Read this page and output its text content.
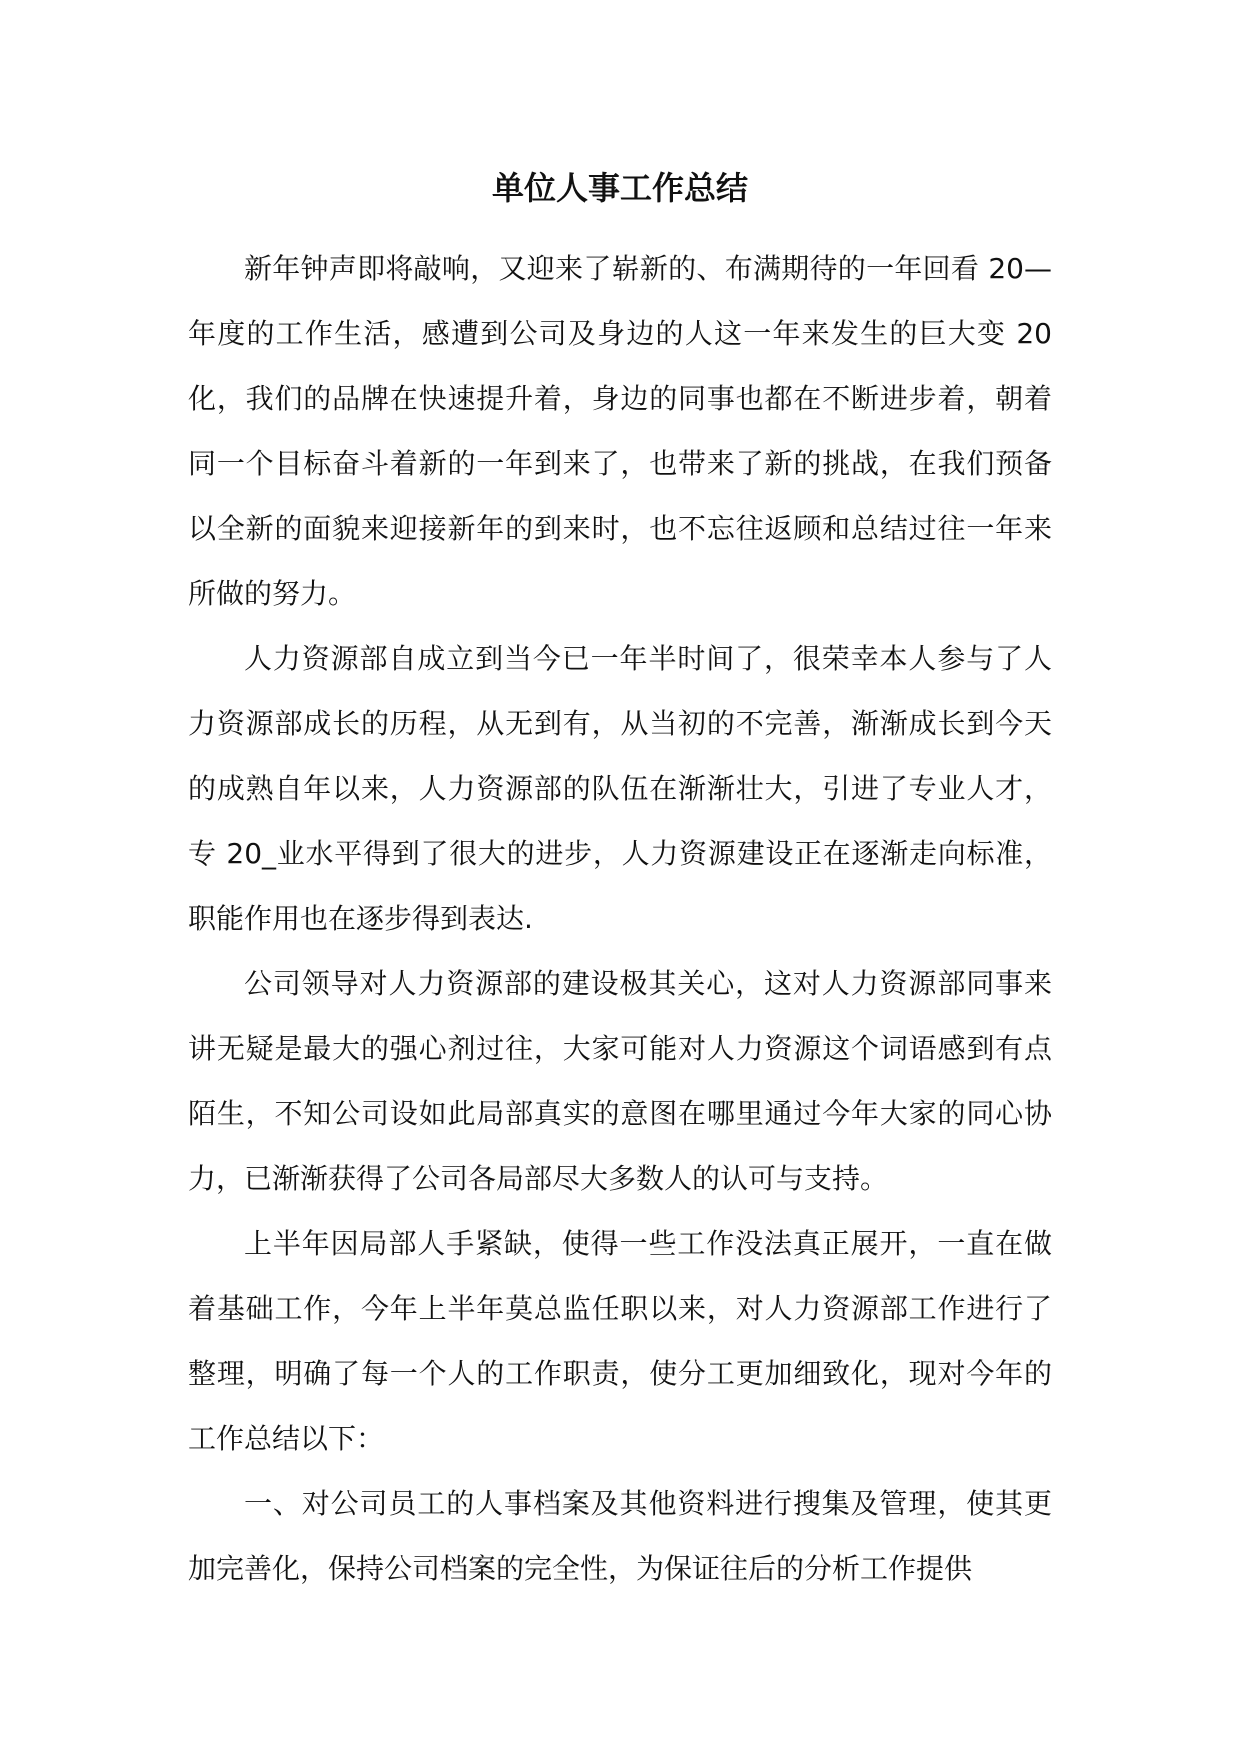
单位人事工作总结

新年钟声即将敲响，又迎来了崭新的、布满期待的一年回看 20—年度的工作生活，感遭到公司及身边的人这一年来发生的巨大变 20 化，我们的品牌在快速提升着，身边的同事也都在不断进步着，朝着同一个目标奋斗着新的一年到来了，也带来了新的挑战，在我们预备以全新的面貌来迎接新年的到来时，也不忘往返顾和总结过往一年来所做的努力。

人力资源部自成立到当今已一年半时间了，很荣幸本人参与了人力资源部成长的历程，从无到有，从当初的不完善，渐渐成长到今天的成熟自年以来，人力资源部的队伍在渐渐壮大，引进了专业人才，专 20_业水平得到了很大的进步，人力资源建设正在逐渐走向标准，职能作用也在逐步得到表达.

公司领导对人力资源部的建设极其关心，这对人力资源部同事来讲无疑是最大的强心剂过往，大家可能对人力资源这个词语感到有点陌生，不知公司设如此局部真实的意图在哪里通过今年大家的同心协力，已渐渐获得了公司各局部尽大多数人的认可与支持。

上半年因局部人手紧缺，使得一些工作没法真正展开，一直在做着基础工作，今年上半年莫总监任职以来，对人力资源部工作进行了整理，明确了每一个人的工作职责，使分工更加细致化，现对今年的工作总结以下：

一、对公司员工的人事档案及其他资料进行搜集及管理，使其更加完善化，保持公司档案的完全性，为保证往后的分析工作提供
